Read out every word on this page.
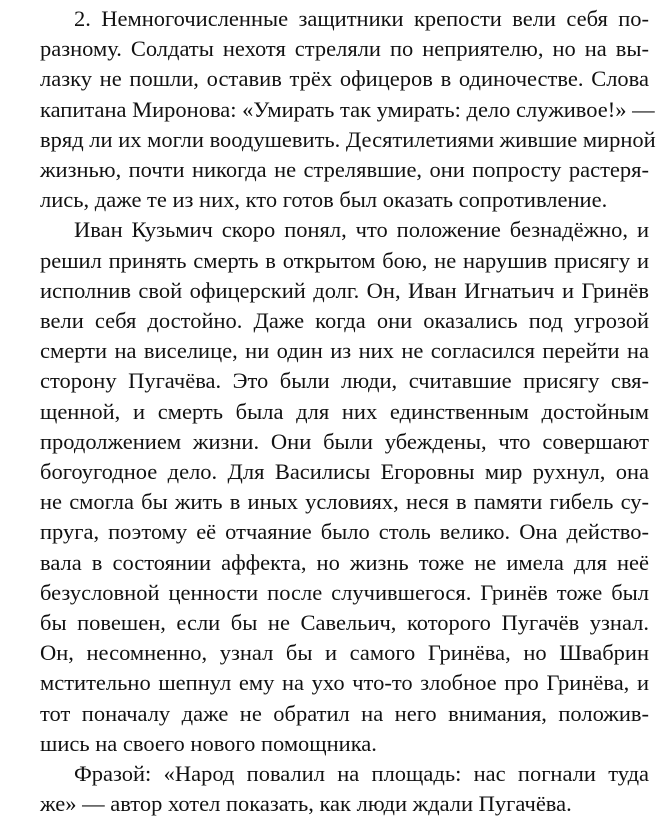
2. Немногочисленные защитники крепости вели себя по-
разному. Солдаты нехотя стреляли по неприятелю, но на вы-
лазку не пошли, оставив трёх офицеров в одиночестве. Слова
капитана Миронова: «Умирать так умирать: дело служивое!» —
вряд ли их могли воодушевить. Десятилетиями жившие мирной
жизнью, почти никогда не стрелявшие, они попросту растеря-
лись, даже те из них, кто готов был оказать сопротивление.

Иван Кузьмич скоро понял, что положение безнадёжно, и
решил принять смерть в открытом бою, не нарушив присягу и
исполнив свой офицерский долг. Он, Иван Игнатьич и Гринёв
вели себя достойно. Даже когда они оказались под угрозой
смерти на виселице, ни один из них не согласился перейти на
сторону Пугачёва. Это были люди, считавшие присягу свя-
щенной, и смерть была для них единственным достойным
продолжением жизни. Они были убеждены, что совершают
богоугодное дело. Для Василисы Егоровны мир рухнул, она
не смогла бы жить в иных условиях, неся в памяти гибель су-
пруга, поэтому её отчаяние было столь велико. Она действо-
вала в состоянии аффекта, но жизнь тоже не имела для неё
безусловной ценности после случившегося. Гринёв тоже был
бы повешен, если бы не Савельич, которого Пугачёв узнал.
Он, несомненно, узнал бы и самого Гринёва, но Швабрин
мстительно шепнул ему на ухо что-то злобное про Гринёва, и
тот поначалу даже не обратил на него внимания, положив-
шись на своего нового помощника.

Фразой: «Народ повалил на площадь: нас погнали туда
же» — автор хотел показать, как люди ждали Пугачёва.
